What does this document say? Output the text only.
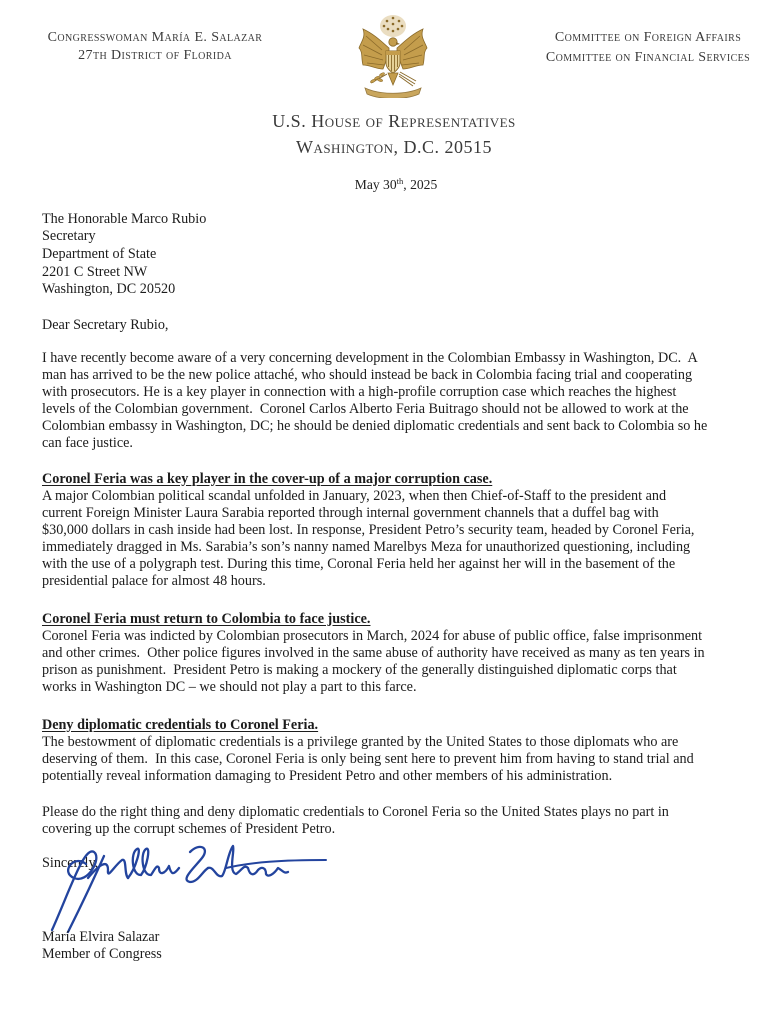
Congresswoman María E. Salazar
27th District of Florida
Committee on Foreign Affairs
Committee on Financial Services
U.S. House of Representatives
Washington, D.C. 20515
May 30th, 2025
The Honorable Marco Rubio
Secretary
Department of State
2201 C Street NW
Washington, DC 20520
Dear Secretary Rubio,
I have recently become aware of a very concerning development in the Colombian Embassy in Washington, DC.  A
man has arrived to be the new police attaché, who should instead be back in Colombia facing trial and cooperating
with prosecutors. He is a key player in connection with a high-profile corruption case which reaches the highest
levels of the Colombian government.  Coronel Carlos Alberto Feria Buitrago should not be allowed to work at the
Colombian embassy in Washington, DC; he should be denied diplomatic credentials and sent back to Colombia so he
can face justice.
Coronel Feria was a key player in the cover-up of a major corruption case.
A major Colombian political scandal unfolded in January, 2023, when then Chief-of-Staff to the president and
current Foreign Minister Laura Sarabia reported through internal government channels that a duffel bag with
$30,000 dollars in cash inside had been lost. In response, President Petro’s security team, headed by Coronel Feria,
immediately dragged in Ms. Sarabia’s son’s nanny named Marelbys Meza for unauthorized questioning, including
with the use of a polygraph test. During this time, Coronal Feria held her against her will in the basement of the
presidential palace for almost 48 hours.
Coronel Feria must return to Colombia to face justice.
Coronel Feria was indicted by Colombian prosecutors in March, 2024 for abuse of public office, false imprisonment
and other crimes.  Other police figures involved in the same abuse of authority have received as many as ten years in
prison as punishment.  President Petro is making a mockery of the generally distinguished diplomatic corps that
works in Washington DC – we should not play a part to this farce.
Deny diplomatic credentials to Coronel Feria.
The bestowment of diplomatic credentials is a privilege granted by the United States to those diplomats who are
deserving of them.  In this case, Coronel Feria is only being sent here to prevent him from having to stand trial and
potentially reveal information damaging to President Petro and other members of his administration.
Please do the right thing and deny diplomatic credentials to Coronel Feria so the United States plays no part in
covering up the corrupt schemes of President Petro.
Sincerely,
María Elvira Salazar
Member of Congress
